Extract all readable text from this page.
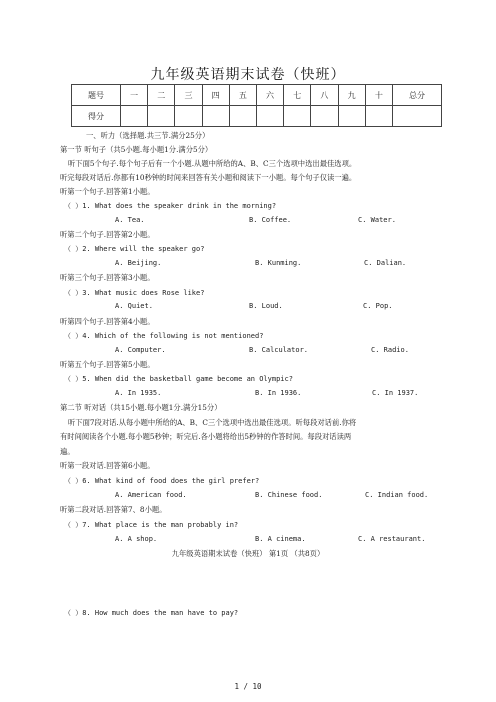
九年级英语期末试卷（快班）
题号	一	二	三	四	五	六	七	八	九	十	总分
得分											
一、听力（选择题.共三节.满分25分）
第一节 听句子（共5小题.每小题1分.满分5分）
听下面5个句子.每个句子后有一个小题.从题中所给的A、B、C三个选项中选出最佳选项。
听完每段对话后.你都有10秒钟的时间来回答有关小题和阅读下一小题。每个句子仅读一遍。
听第一个句子.回答第1小题。
（ ）1. What does the speaker drink in the morning?
A. Tea.	B. Coffee.	C. Water.
听第二个句子.回答第2小题。
（ ）2. Where will the speaker go?
A. Beijing.	B. Kunming.	C. Dalian.
听第三个句子.回答第3小题。
（ ）3. What music does Rose like?
A. Quiet.	B. Loud.	C. Pop.
听第四个句子.回答第4小题。
（ ）4. Which of the following is not mentioned?
A. Computer.	B. Calculator.	C. Radio.
听第五个句子.回答第5小题。
（ ）5. When did the basketball game become an Olympic?
A. In 1935.	B. In 1936.	C. In 1937.
第二节 听对话（共15小题.每小题1分.满分15分）
听下面7段对话.从每小题中所给的A、B、C三个选项中选出最佳选项。听每段对话前.你将
有时间阅读各个小题.每小题5秒钟；听完后.各小题将给出5秒钟的作答时间。每段对话读两
遍。
听第一段对话.回答第6小题。
（ ）6. What kind of food does the girl prefer?
A. American food.	B. Chinese food.	C. Indian food.
听第二段对话.回答第7、8小题。
（ ）7. What place is the man probably in?
A. A shop.	B. A cinema.	C. A restaurant.
九年级英语期末试卷（快班） 第1页 （共8页）
（ ）8. How much does the man have to pay?
1 / 10
